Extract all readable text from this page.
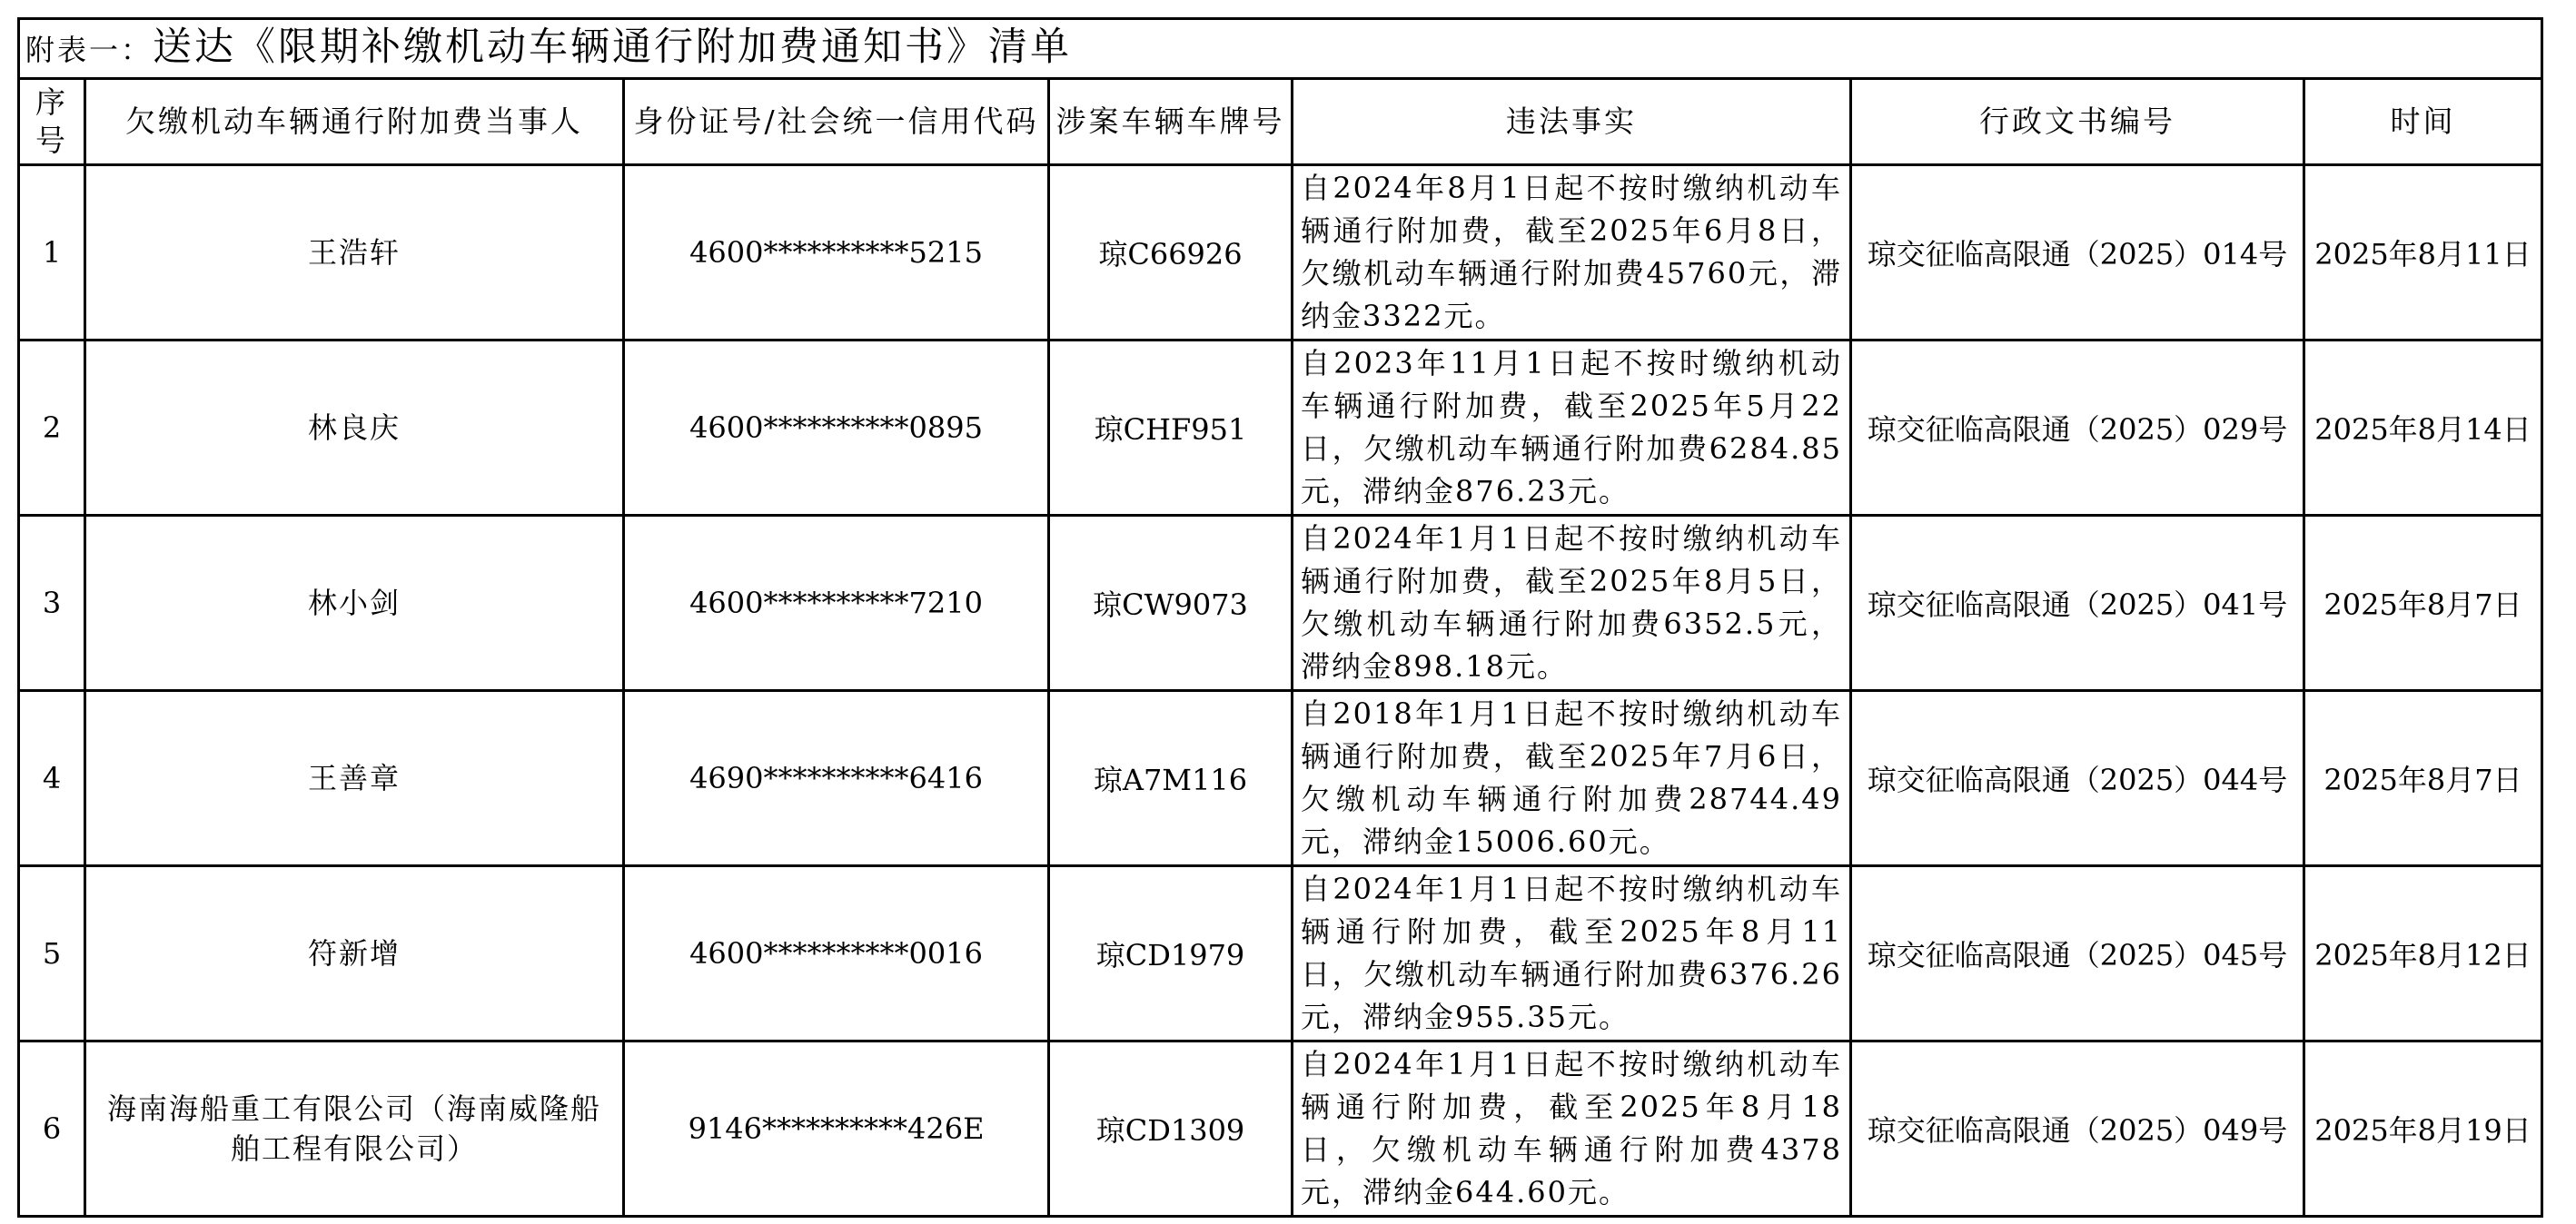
附表一：送达《限期补缴机动车辆通行附加费通知书》清单						
序号	欠缴机动车辆通行附加费当事人	身份证号/社会统一信用代码	涉案车辆车牌号	违法事实	行政文书编号	时间
1	王浩轩	4600**********5215	琼C66926	自2024年8月1日起不按时缴纳机动车辆通行附加费，截至2025年6月8日，欠缴机动车辆通行附加费45760元，滞纳金3322元。	琼交征临高限通（2025）014号	2025年8月11日
2	林良庆	4600**********0895	琼CHF951	自2023年11月1日起不按时缴纳机动车辆通行附加费，截至2025年5月22日，欠缴机动车辆通行附加费6284.85元，滞纳金876.23元。	琼交征临高限通（2025）029号	2025年8月14日
3	林小剑	4600**********7210	琼CW9073	自2024年1月1日起不按时缴纳机动车辆通行附加费，截至2025年8月5日，欠缴机动车辆通行附加费6352.5元，滞纳金898.18元。	琼交征临高限通（2025）041号	2025年8月7日
4	王善章	4690**********6416	琼A7M116	自2018年1月1日起不按时缴纳机动车辆通行附加费，截至2025年7月6日，欠缴机动车辆通行附加费28744.49元，滞纳金15006.60元。	琼交征临高限通（2025）044号	2025年8月7日
5	符新增	4600**********0016	琼CD1979	自2024年1月1日起不按时缴纳机动车辆通行附加费，截至2025年8月11日，欠缴机动车辆通行附加费6376.26元，滞纳金955.35元。	琼交征临高限通（2025）045号	2025年8月12日
6	海南海船重工有限公司（海南威隆船舶工程有限公司）	9146**********426E	琼CD1309	自2024年1月1日起不按时缴纳机动车辆通行附加费，截至2025年8月18日，欠缴机动车辆通行附加费4378元，滞纳金644.60元。	琼交征临高限通（2025）049号	2025年8月19日
